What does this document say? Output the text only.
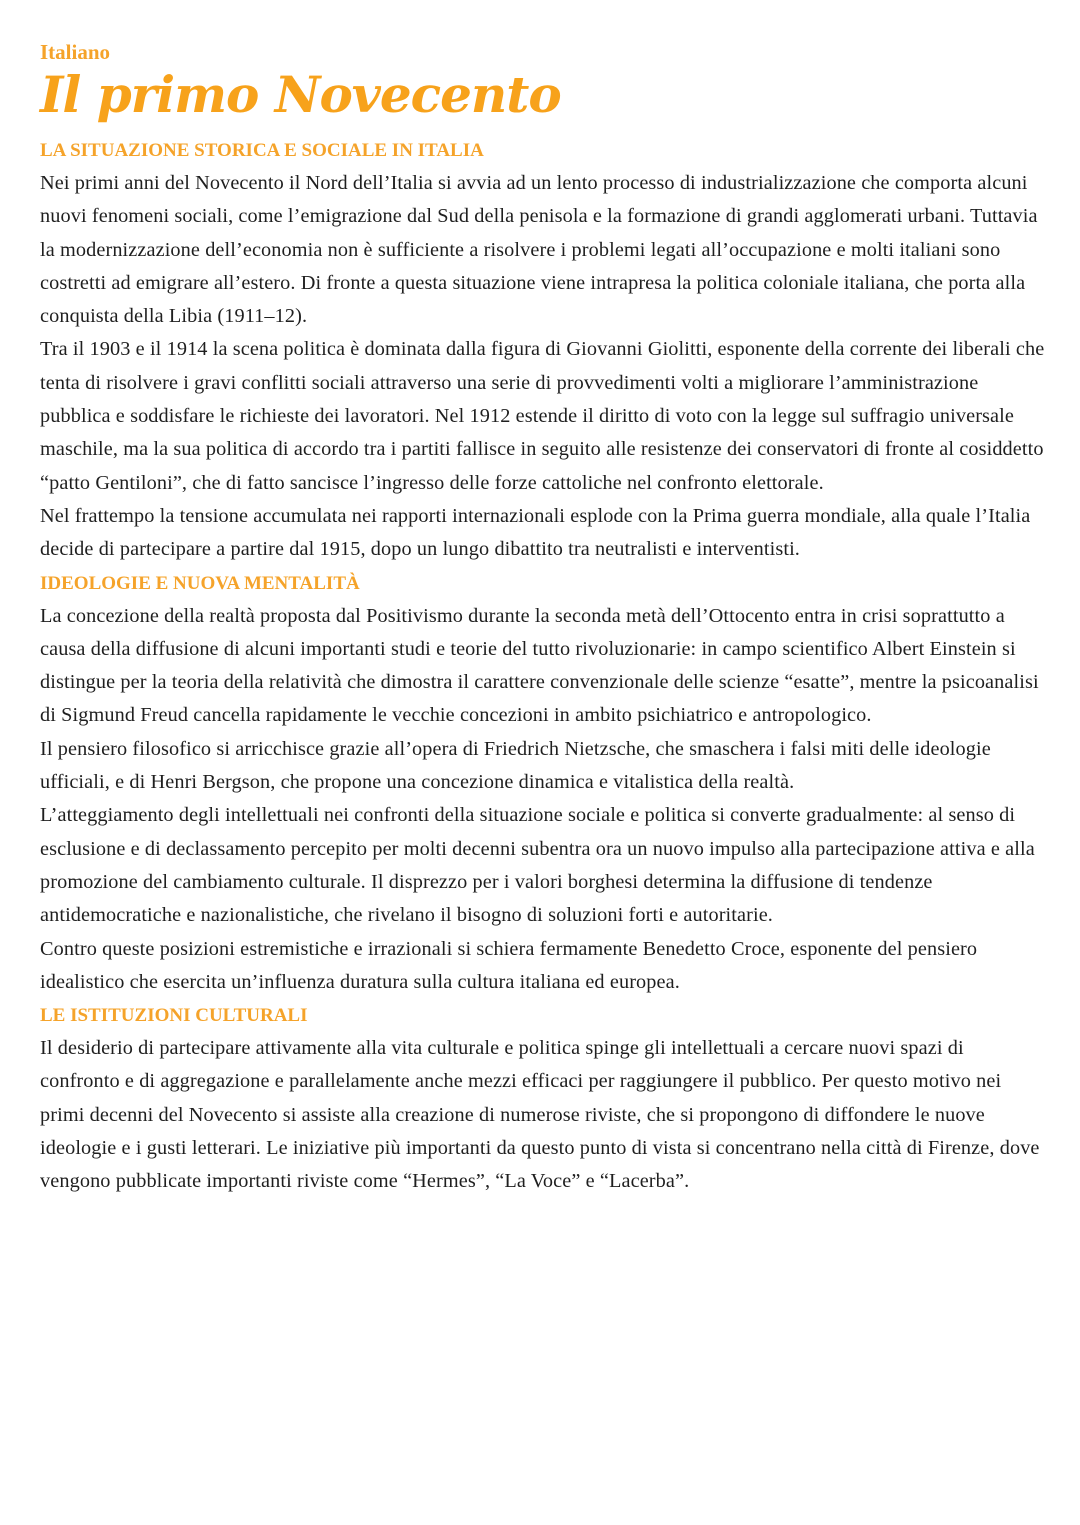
Italiano

Il primo Novecento
LA SITUAZIONE STORICA E SOCIALE IN ITALIA

Nei primi anni del Novecento il Nord dell’Italia si avvia ad un lento processo di industrializzazione che comporta alcuni nuovi fenomeni sociali, come l’emigrazione dal Sud della penisola e la formazione di grandi agglomerati urbani. Tuttavia la modernizzazione dell’economia non è sufficiente a risolvere i problemi legati all’occupazione e molti italiani sono costretti ad emigrare all’estero. Di fronte a questa situazione viene intrapresa la politica coloniale italiana, che porta alla conquista della Libia (1911–12).

Tra il 1903 e il 1914 la scena politica è dominata dalla figura di Giovanni Giolitti, esponente della corrente dei liberali che tenta di risolvere i gravi conflitti sociali attraverso una serie di provvedimenti volti a migliorare l’amministrazione pubblica e soddisfare le richieste dei lavoratori. Nel 1912 estende il diritto di voto con la legge sul suffragio universale maschile, ma la sua politica di accordo tra i partiti fallisce in seguito alle resistenze dei conservatori di fronte al cosiddetto “patto Gentiloni”, che di fatto sancisce l’ingresso delle forze cattoliche nel confronto elettorale.

Nel frattempo la tensione accumulata nei rapporti internazionali esplode con la Prima guerra mondiale, alla quale l’Italia decide di partecipare a partire dal 1915, dopo un lungo dibattito tra neutralisti e interventisti.

IDEOLOGIE E NUOVA MENTALITÀ

La concezione della realtà proposta dal Positivismo durante la seconda metà dell’Ottocento entra in crisi soprattutto a causa della diffusione di alcuni importanti studi e teorie del tutto rivoluzionarie: in campo scientifico Albert Einstein si distingue per la teoria della relatività che dimostra il carattere convenzionale delle scienze “esatte”, mentre la psicoanalisi di Sigmund Freud cancella rapidamente le vecchie concezioni in ambito psichiatrico e antropologico.

Il pensiero filosofico si arricchisce grazie all’opera di Friedrich Nietzsche, che smaschera i falsi miti delle ideologie ufficiali, e di Henri Bergson, che propone una concezione dinamica e vitalistica della realtà.

L’atteggiamento degli intellettuali nei confronti della situazione sociale e politica si converte gradualmente: al senso di esclusione e di declassamento percepito per molti decenni subentra ora un nuovo impulso alla partecipazione attiva e alla promozione del cambiamento culturale. Il disprezzo per i valori borghesi determina la diffusione di tendenze antidemocratiche e nazionalistiche, che rivelano il bisogno di soluzioni forti e autoritarie.

Contro queste posizioni estremistiche e irrazionali si schiera fermamente Benedetto Croce, esponente del pensiero idealistico che esercita un’influenza duratura sulla cultura italiana ed europea.

LE ISTITUZIONI CULTURALI

Il desiderio di partecipare attivamente alla vita culturale e politica spinge gli intellettuali a cercare nuovi spazi di confronto e di aggregazione e parallelamente anche mezzi efficaci per raggiungere il pubblico. Per questo motivo nei primi decenni del Novecento si assiste alla creazione di numerose riviste, che si propongono di diffondere le nuove ideologie e i gusti letterari. Le iniziative più importanti da questo punto di vista si concentrano nella città di Firenze, dove vengono pubblicate importanti riviste come “Hermes”, “La Voce” e “Lacerba”.
